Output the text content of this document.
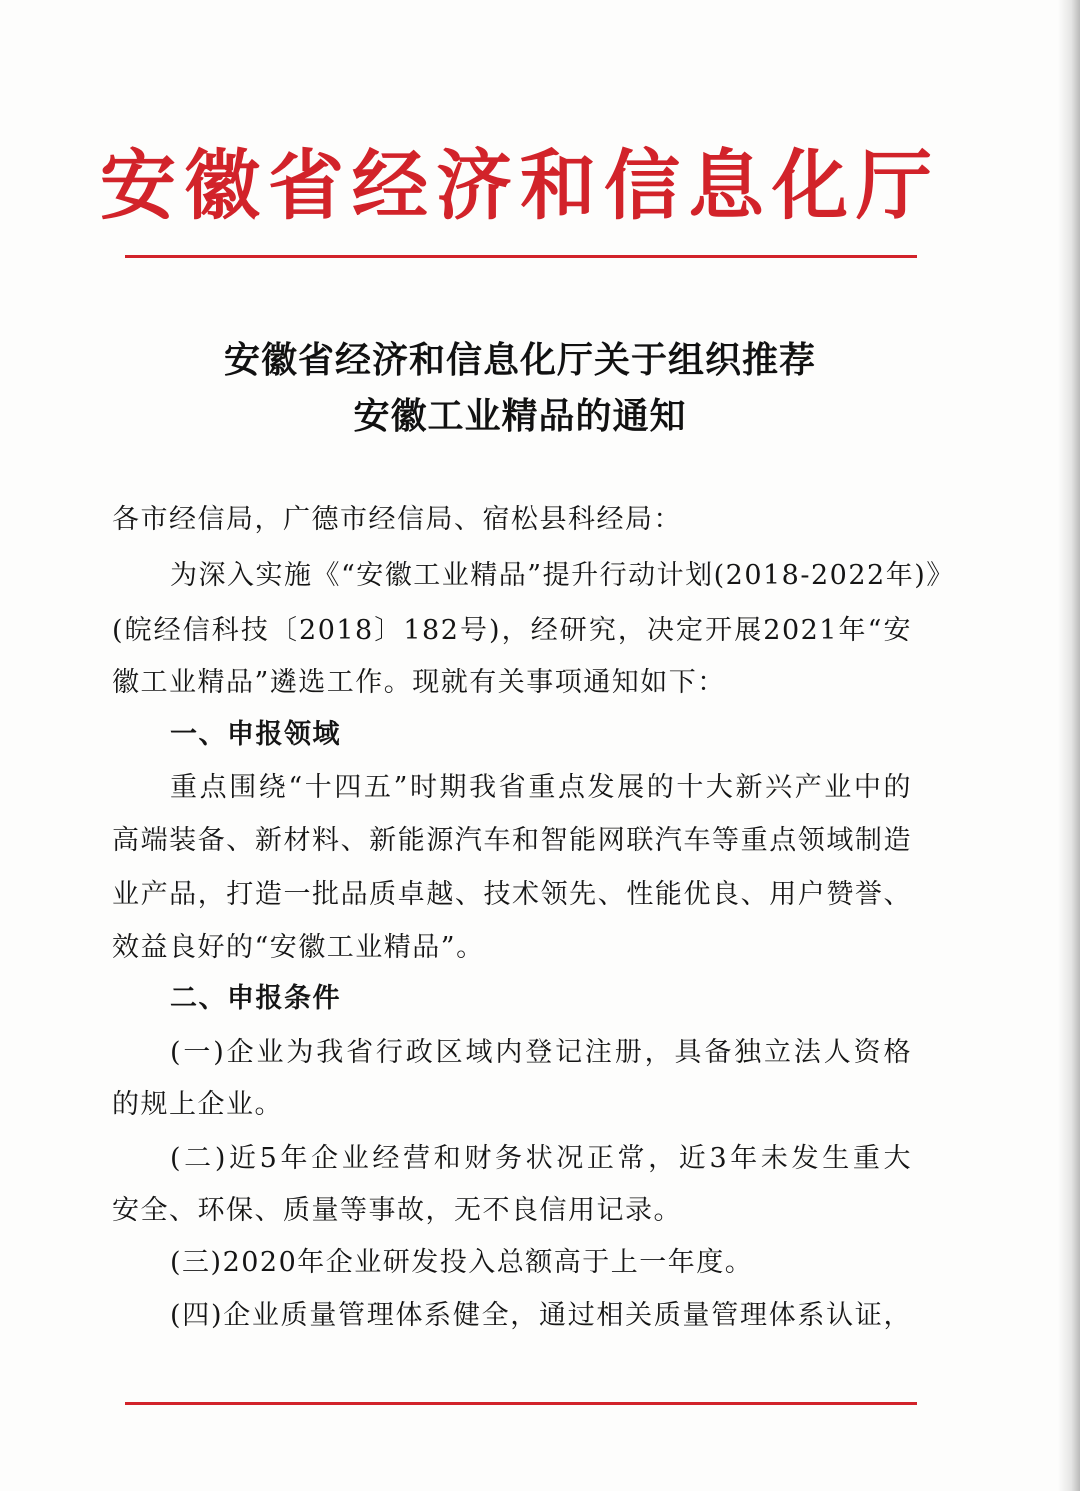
安徽省经济和信息化厅
安徽省经济和信息化厅关于组织推荐
安徽工业精品的通知
各市经信局，广德市经信局、宿松县科经局：
为深入实施《“安徽工业精品”提升行动计划(2018-2022年)》
(皖经信科技〔2018〕182号)，经研究，决定开展2021年“安
徽工业精品”遴选工作。现就有关事项通知如下：
一、申报领域
重点围绕“十四五”时期我省重点发展的十大新兴产业中的
高端装备、新材料、新能源汽车和智能网联汽车等重点领域制造
业产品，打造一批品质卓越、技术领先、性能优良、用户赞誉、
效益良好的“安徽工业精品”。
二、申报条件
(一)企业为我省行政区域内登记注册，具备独立法人资格
的规上企业。
(二)近5年企业经营和财务状况正常，近3年未发生重大
安全、环保、质量等事故，无不良信用记录。
(三)2020年企业研发投入总额高于上一年度。
(四)企业质量管理体系健全，通过相关质量管理体系认证，
